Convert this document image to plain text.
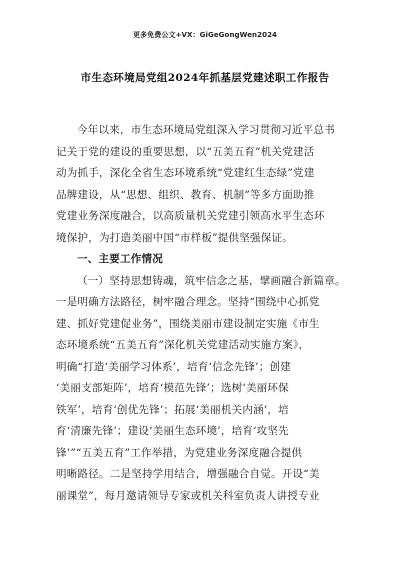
更多免费公文+VX：GiGeGongWen2024
市生态环境局党组2024年抓基层党建述职工作报告
今年以来，市生态环境局党组深入学习贯彻习近平总书
记关于党的建设的重要思想，以“五美五育”机关党建活
动为抓手，深化全省生态环境系统“党建红生态绿”党建
品牌建设，从“思想、组织、教育、机制”等多方面助推
党建业务深度融合，以高质量机关党建引领高水平生态环
境保护，为打造美丽中国“市样板”提供坚强保证。
一、主要工作情况
（一）坚持思想铸魂，筑牢信念之基，擘画融合新篇章。
一是明确方法路径，树牢融合理念。坚持“围绕中心抓党
建、抓好党建促业务”，围绕美丽市建设制定实施《市生
态环境系统“五美五育”深化机关党建活动实施方案》，
明确“打造‘美丽学习体系’，培育‘信念先锋’；创建
‘美丽支部矩阵’，培育‘模范先锋’；选树‘美丽环保
铁军’，培育‘创优先锋’；拓展‘美丽机关内涵’，培
育‘清廉先锋’；建设‘美丽生态环境’，培育‘攻坚先
锋’”“五美五育”工作举措，为党建业务深度融合提供
明晰路径。二是坚持学用结合，增强融合自觉。开设“美
丽课堂”，每月邀请领导专家或机关科室负责人讲授专业
